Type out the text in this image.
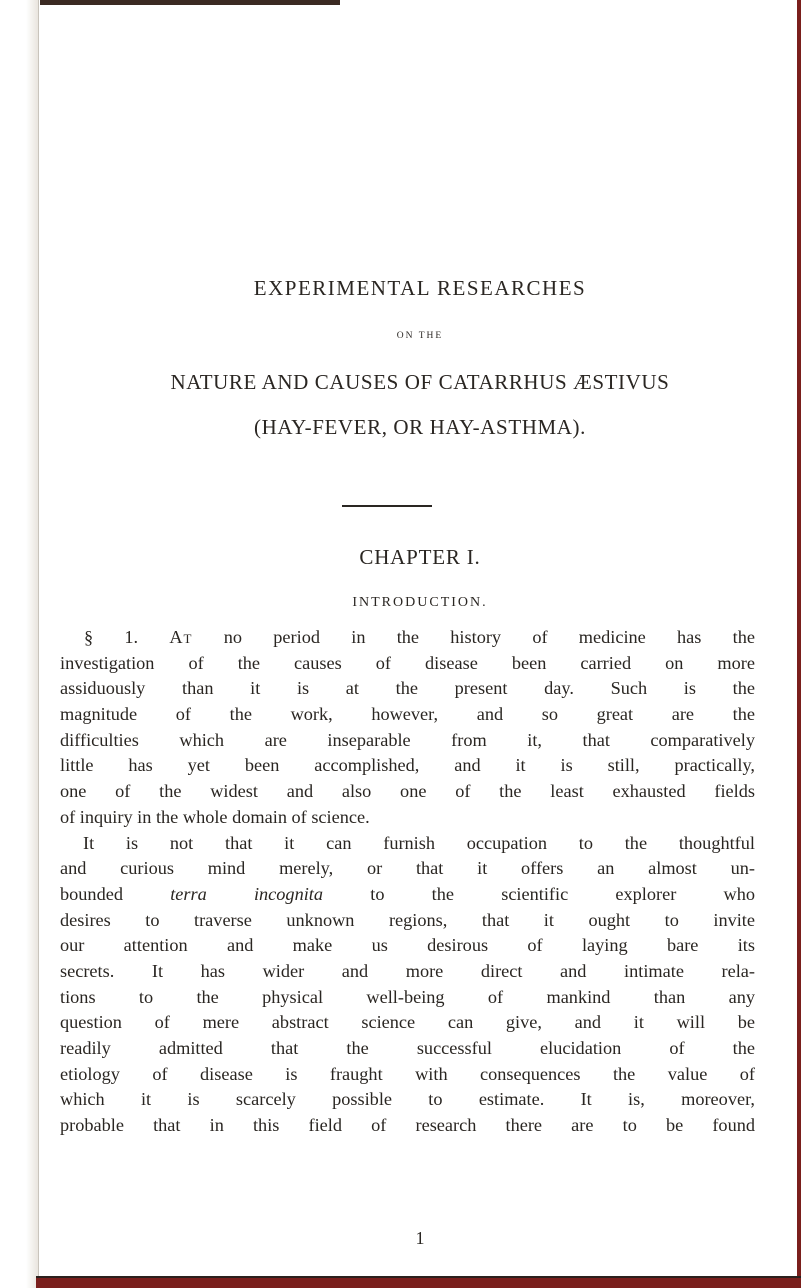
EXPERIMENTAL RESEARCHES
ON THE
NATURE AND CAUSES OF CATARRHUS ÆSTIVUS
(HAY-FEVER, OR HAY-ASTHMA).
CHAPTER I.
INTRODUCTION.
§ 1. At no period in the history of medicine has the
investigation of the causes of disease been carried on more
assiduously than it is at the present day. Such is the
magnitude of the work, however, and so great are the
difficulties which are inseparable from it, that comparatively
little has yet been accomplished, and it is still, practically,
one of the widest and also one of the least exhausted fields
of inquiry in the whole domain of science.
It is not that it can furnish occupation to the thoughtful
and curious mind merely, or that it offers an almost un-
bounded	terra incognita	to the scientific explorer who
desires to traverse unknown regions, that it ought to invite
our attention and make us desirous of laying bare its
secrets. It has wider and more direct and intimate rela-
tions to the physical well-being of mankind than any
question of mere abstract science can give, and it will be
readily admitted that the successful elucidation of the
etiology of disease is fraught with consequences the value of
which it is scarcely possible to estimate. It is, moreover,
probable that in this field of research there are to be found
1
